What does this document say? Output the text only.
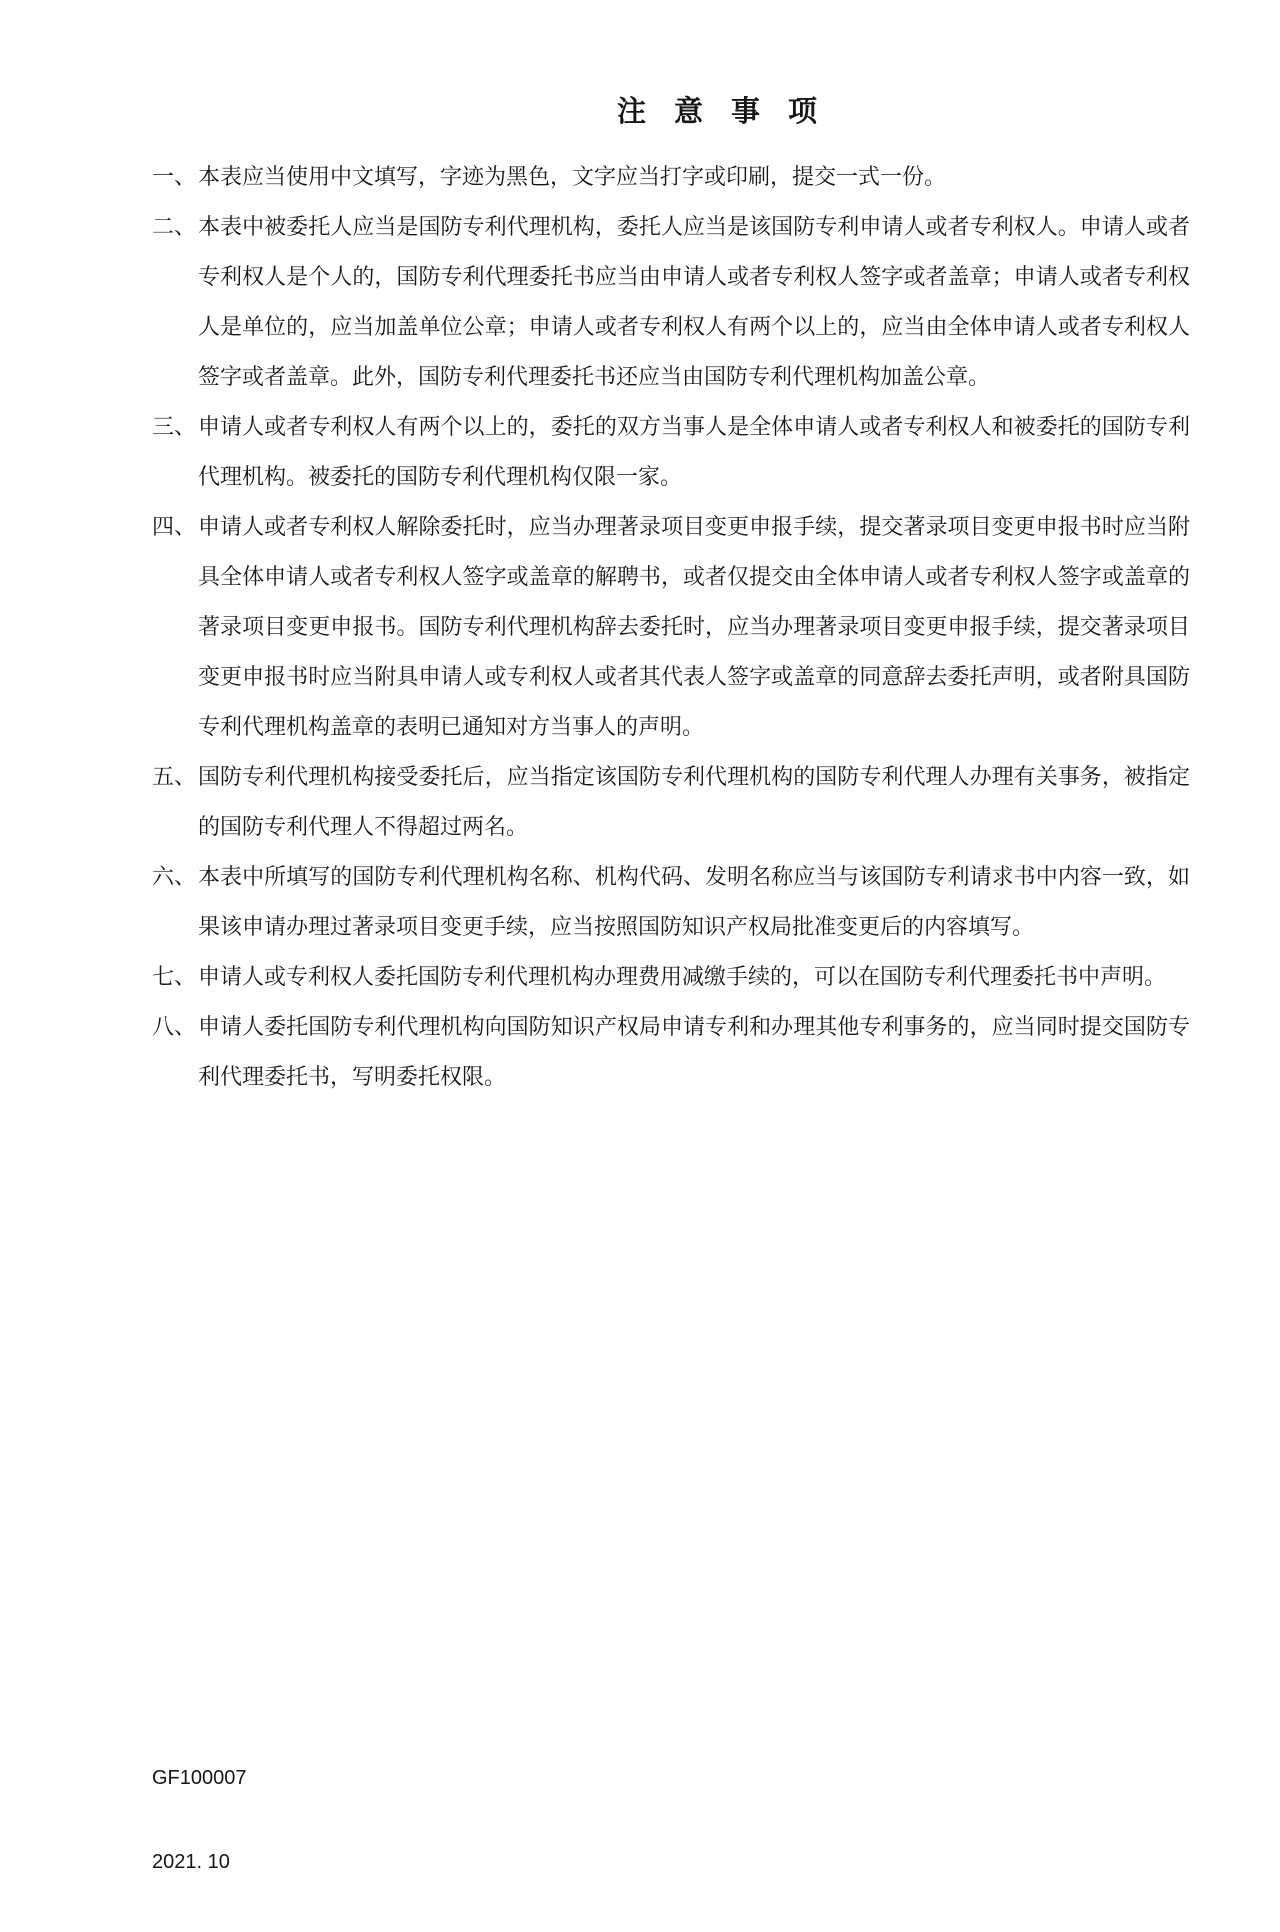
注意事项
一、 本表应当使用中文填写，字迹为黑色，文字应当打字或印刷，提交一式一份。
二、 本表中被委托人应当是国防专利代理机构，委托人应当是该国防专利申请人或者专利权人。申请人或者专利权人是个人的，国防专利代理委托书应当由申请人或者专利权人签字或者盖章；申请人或者专利权人是单位的，应当加盖单位公章；申请人或者专利权人有两个以上的，应当由全体申请人或者专利权人签字或者盖章。此外，国防专利代理委托书还应当由国防专利代理机构加盖公章。
三、 申请人或者专利权人有两个以上的，委托的双方当事人是全体申请人或者专利权人和被委托的国防专利代理机构。被委托的国防专利代理机构仅限一家。
四、 申请人或者专利权人解除委托时，应当办理著录项目变更申报手续，提交著录项目变更申报书时应当附具全体申请人或者专利权人签字或盖章的解聘书，或者仅提交由全体申请人或者专利权人签字或盖章的著录项目变更申报书。国防专利代理机构辞去委托时，应当办理著录项目变更申报手续，提交著录项目变更申报书时应当附具申请人或专利权人或者其代表人签字或盖章的同意辞去委托声明，或者附具国防专利代理机构盖章的表明已通知对方当事人的声明。
五、 国防专利代理机构接受委托后，应当指定该国防专利代理机构的国防专利代理人办理有关事务，被指定的国防专利代理人不得超过两名。
六、 本表中所填写的国防专利代理机构名称、机构代码、发明名称应当与该国防专利请求书中内容一致，如果该申请办理过著录项目变更手续，应当按照国防知识产权局批准变更后的内容填写。
七、 申请人或专利权人委托国防专利代理机构办理费用减缴手续的，可以在国防专利代理委托书中声明。
八、 申请人委托国防专利代理机构向国防知识产权局申请专利和办理其他专利事务的，应当同时提交国防专利代理委托书，写明委托权限。

GF100007

2021. 10
